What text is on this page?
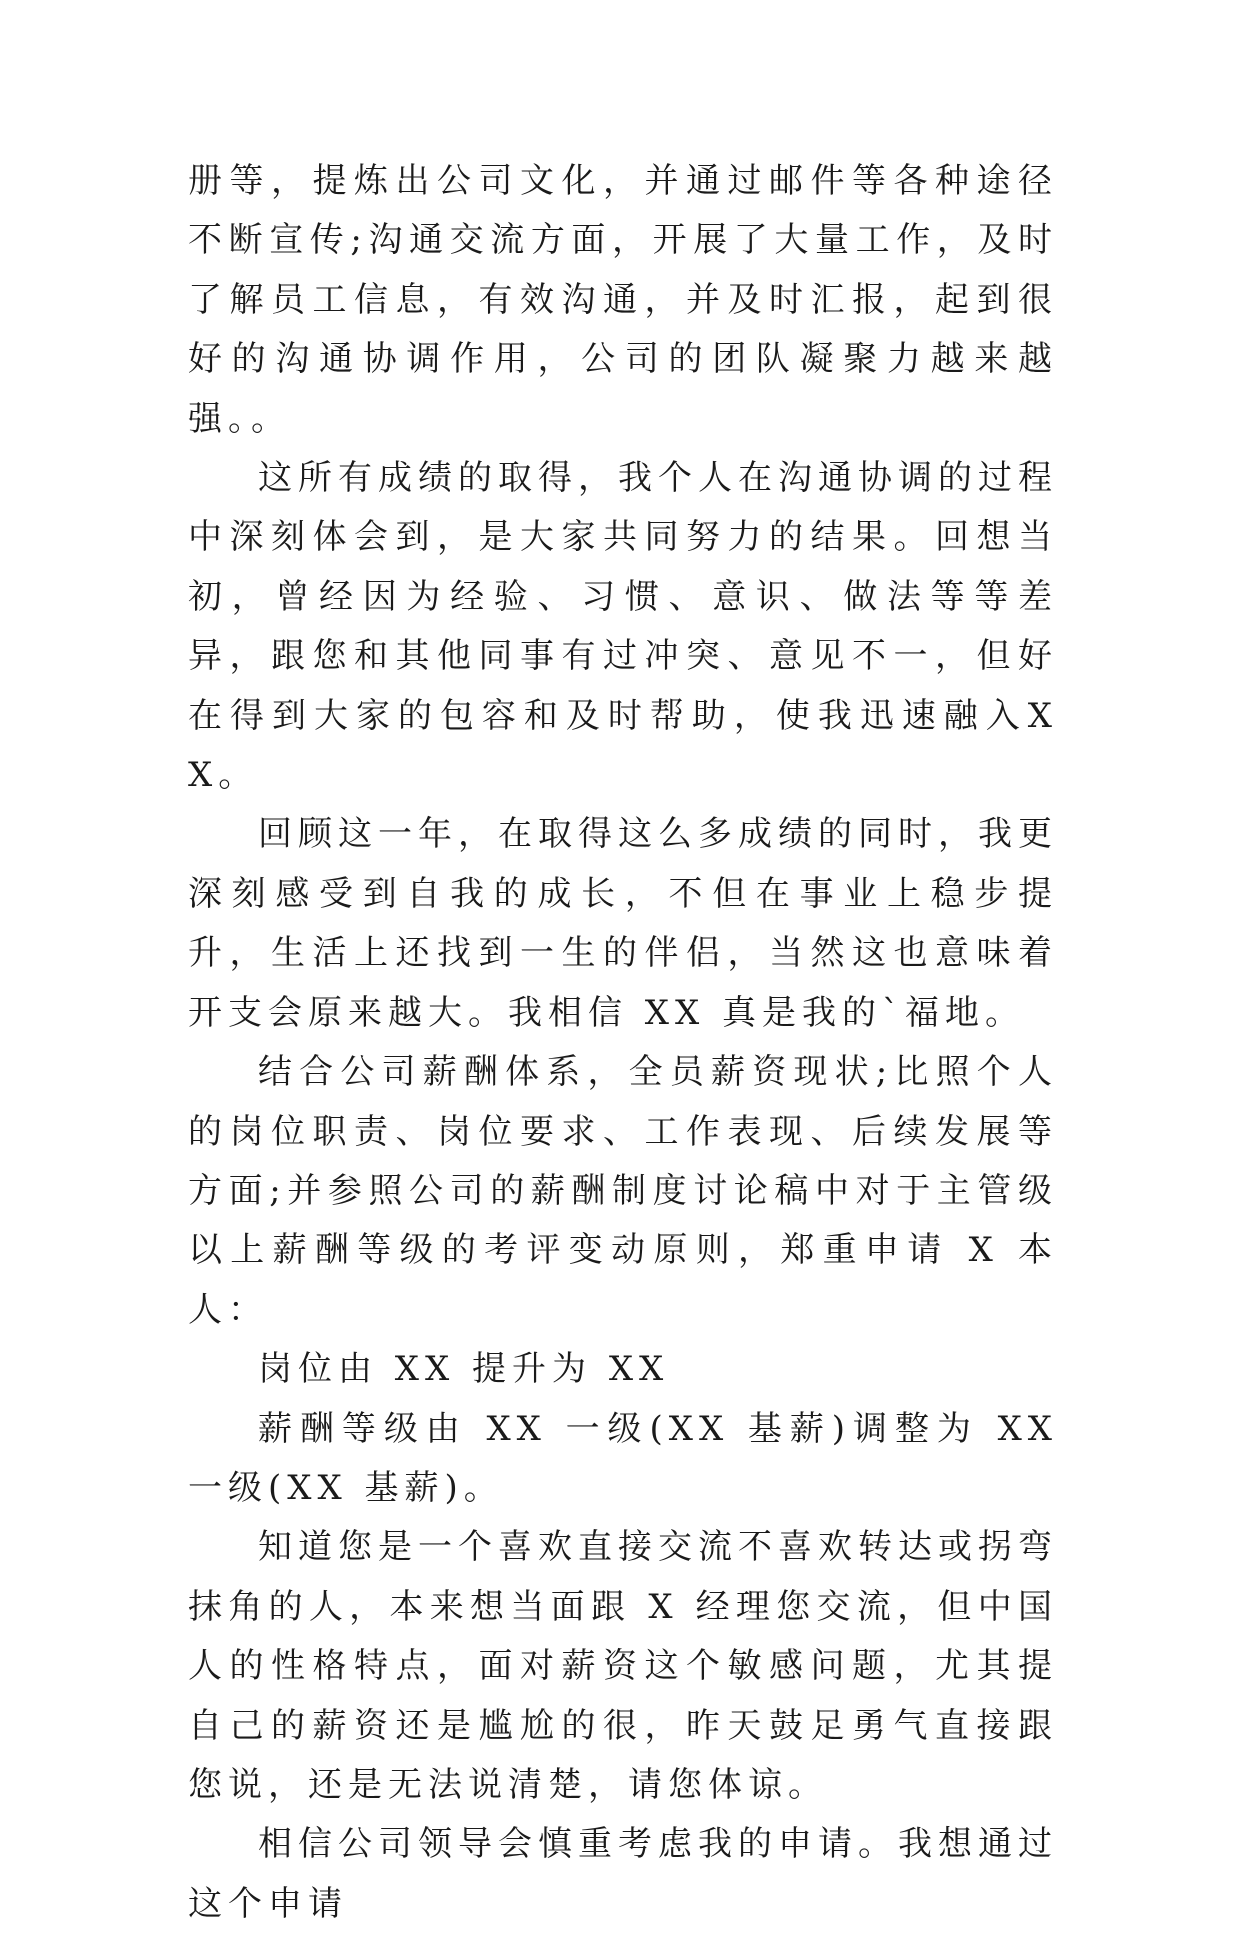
册等，提炼出公司文化，并通过邮件等各种途径不断宣传;沟通交流方面，开展了大量工作，及时了解员工信息，有效沟通，并及时汇报，起到很好的沟通协调作用，公司的团队凝聚力越来越强。。

这所有成绩的取得，我个人在沟通协调的过程中深刻体会到，是大家共同努力的结果。回想当初，曾经因为经验、习惯、意识、做法等等差异，跟您和其他同事有过冲突、意见不一，但好在得到大家的包容和及时帮助，使我迅速融入XX。

回顾这一年，在取得这么多成绩的同时，我更深刻感受到自我的成长，不但在事业上稳步提升，生活上还找到一生的伴侣，当然这也意味着开支会原来越大。我相信 XX 真是我的`福地。

结合公司薪酬体系，全员薪资现状;比照个人的岗位职责、岗位要求、工作表现、后续发展等方面;并参照公司的薪酬制度讨论稿中对于主管级以上薪酬等级的考评变动原则，郑重申请 X 本人：

岗位由 XX 提升为 XX

薪酬等级由 XX 一级(XX 基薪)调整为 XX 一级(XX 基薪)。

知道您是一个喜欢直接交流不喜欢转达或拐弯抹角的人，本来想当面跟 X 经理您交流，但中国人的性格特点，面对薪资这个敏感问题，尤其提自己的薪资还是尴尬的很，昨天鼓足勇气直接跟您说，还是无法说清楚，请您体谅。

相信公司领导会慎重考虑我的申请。我想通过这个申请
